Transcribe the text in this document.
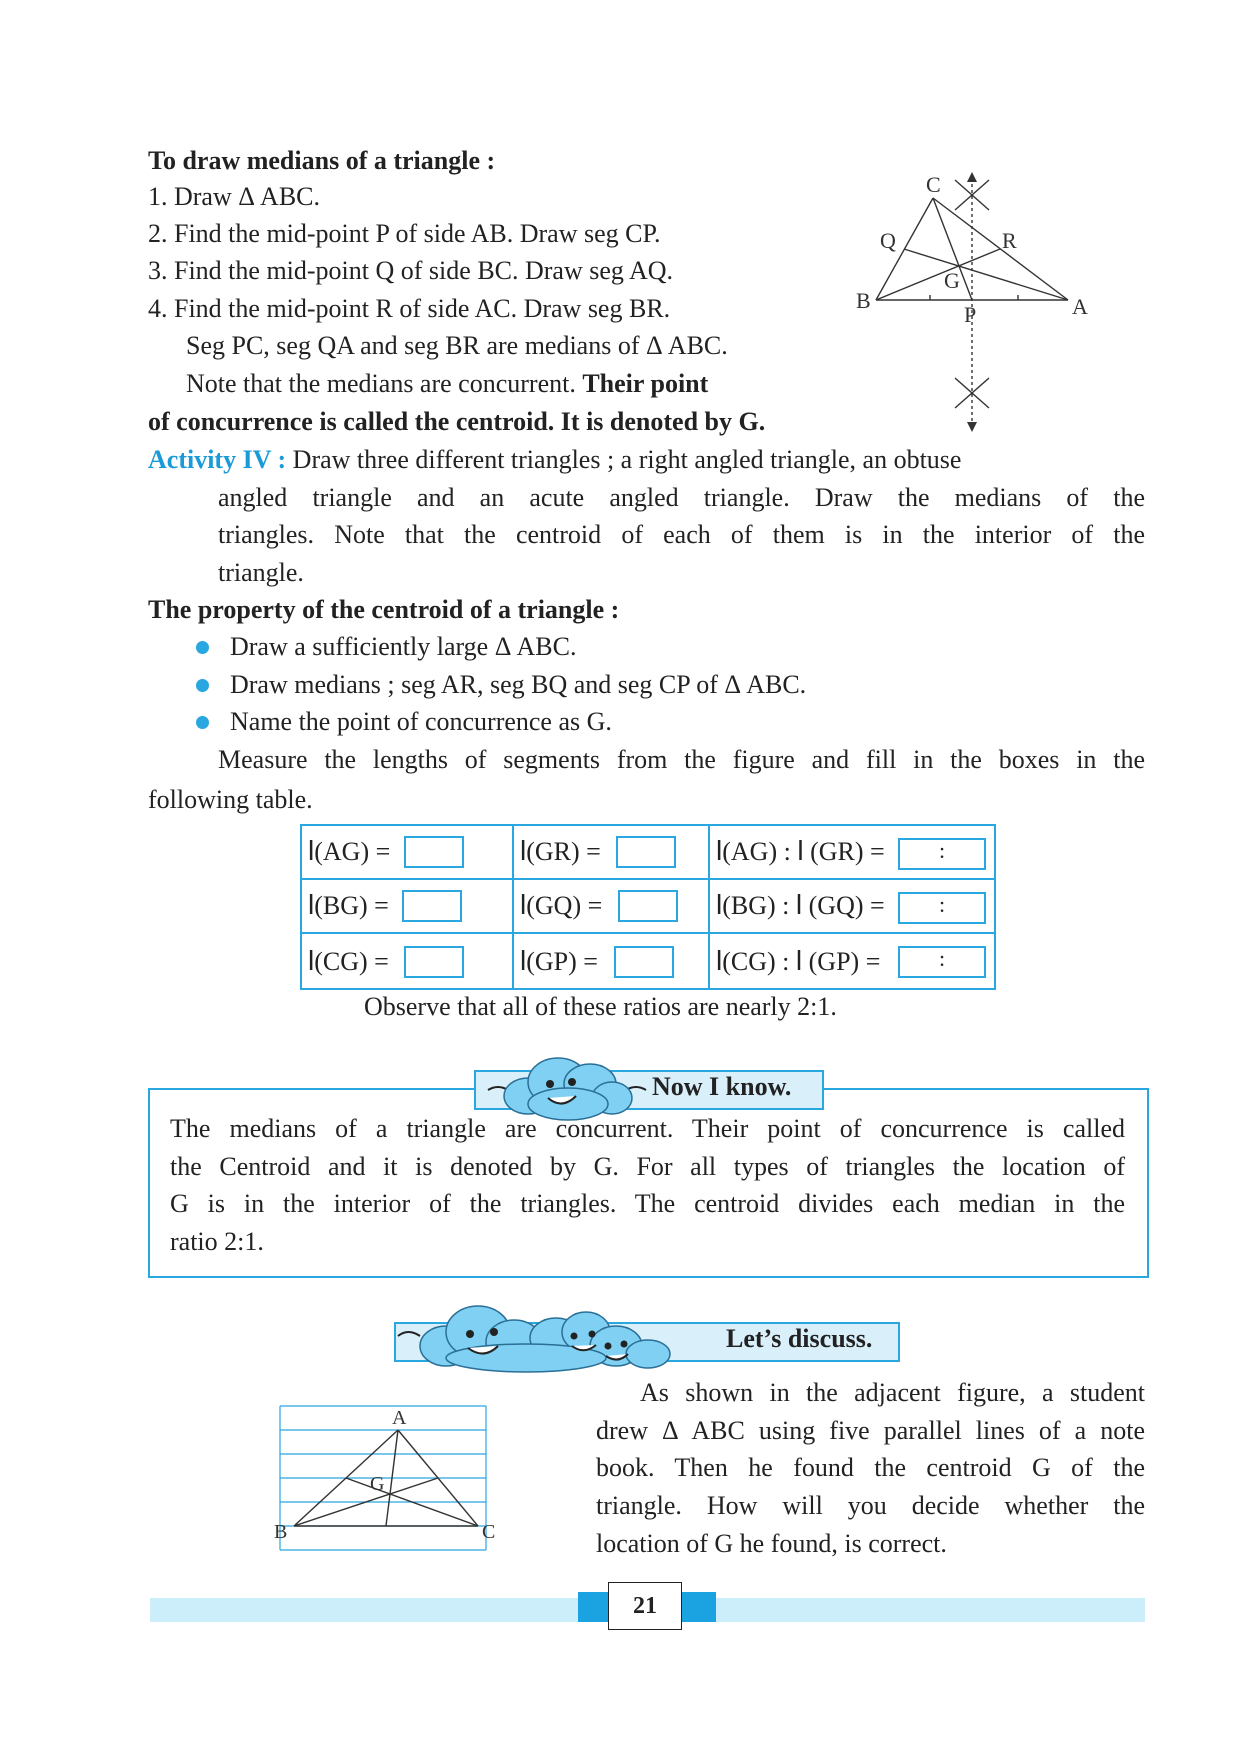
To draw medians of a triangle :
1. Draw Δ ABC.
2. Find the mid-point P of side AB. Draw seg CP.
3. Find the mid-point Q of side BC. Draw seg AQ.
4. Find the mid-point R of side AC. Draw seg BR.
Seg PC, seg QA and seg BR are medians of Δ ABC.
Note that the medians are concurrent. Their point
of concurrence is called the centroid. It is denoted by G.
C
B	A
P
Q	R
G
Activity IV : Draw three different triangles ; a right angled triangle, an obtuse
angled triangle and an acute angled triangle. Draw the medians of the
triangles. Note that the centroid of each of them is in the interior of the
triangle.
The property of the centroid of a triangle :
Draw a sufficiently large Δ ABC.
Draw medians ; seg AR, seg BQ and seg CP of Δ ABC.
Name the point of concurrence as G.
Measure the lengths of segments from the figure and fill in the boxes in the
following table.
l(AG) =	l(GR) =	l(AG) : l (GR) =	:
l(BG) =	l(GQ) =	l(BG) : l (GQ) =	:
l(CG) =	l(GP) =	l(CG) : l (GP) =	:
Observe that all of these ratios are nearly 2:1.
Now I know.
The medians of a triangle are concurrent. Their point of concurrence is called
the Centroid and it is denoted by G. For all types of triangles the location of
G is in the interior of the triangles. The centroid divides each median in the
ratio 2:1.
Let’s discuss.
A
B	C
G
As shown in the adjacent figure, a student
drew Δ ABC using five parallel lines of a note
book. Then he found the centroid G of the
triangle. How will you decide whether the
location of G he found, is correct.
21
